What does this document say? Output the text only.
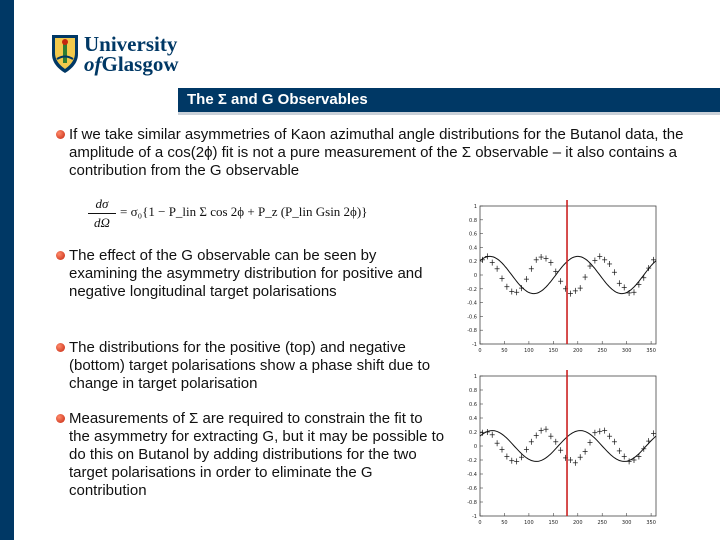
University
ofGlasgow
The Σ and G Observables
If we take similar asymmetries of Kaon azimuthal angle distributions for the Butanol data, the amplitude of a cos(2ϕ) fit is not a pure measurement of the Σ observable – it also contains a contribution from the G observable
dσ
dΩ
= σ₀{1 − P_lin Σ cos 2ϕ + P_z (P_lin Gsin 2ϕ)}
The effect of the G observable can be seen by examining the asymmetry distribution for positive and negative longitudinal target polarisations
The distributions for the positive (top) and negative (bottom) target polarisations show a phase shift due to change in target polarisation
Measurements of Σ are required to constrain the fit to the asymmetry for extracting G, but it may be possible to do this on Butanol by adding distributions for the two target polarisations in order to eliminate the G contribution
-1
-0.8
-0.6
-0.4
-0.2
0
0.2
0.4
0.6
0.8
1
0	50	100	150	200	250	300	350
-1
-0.8
-0.6
-0.4
-0.2
0
0.2
0.4
0.6
0.8
1
0	50	100	150	200	250	300	350
